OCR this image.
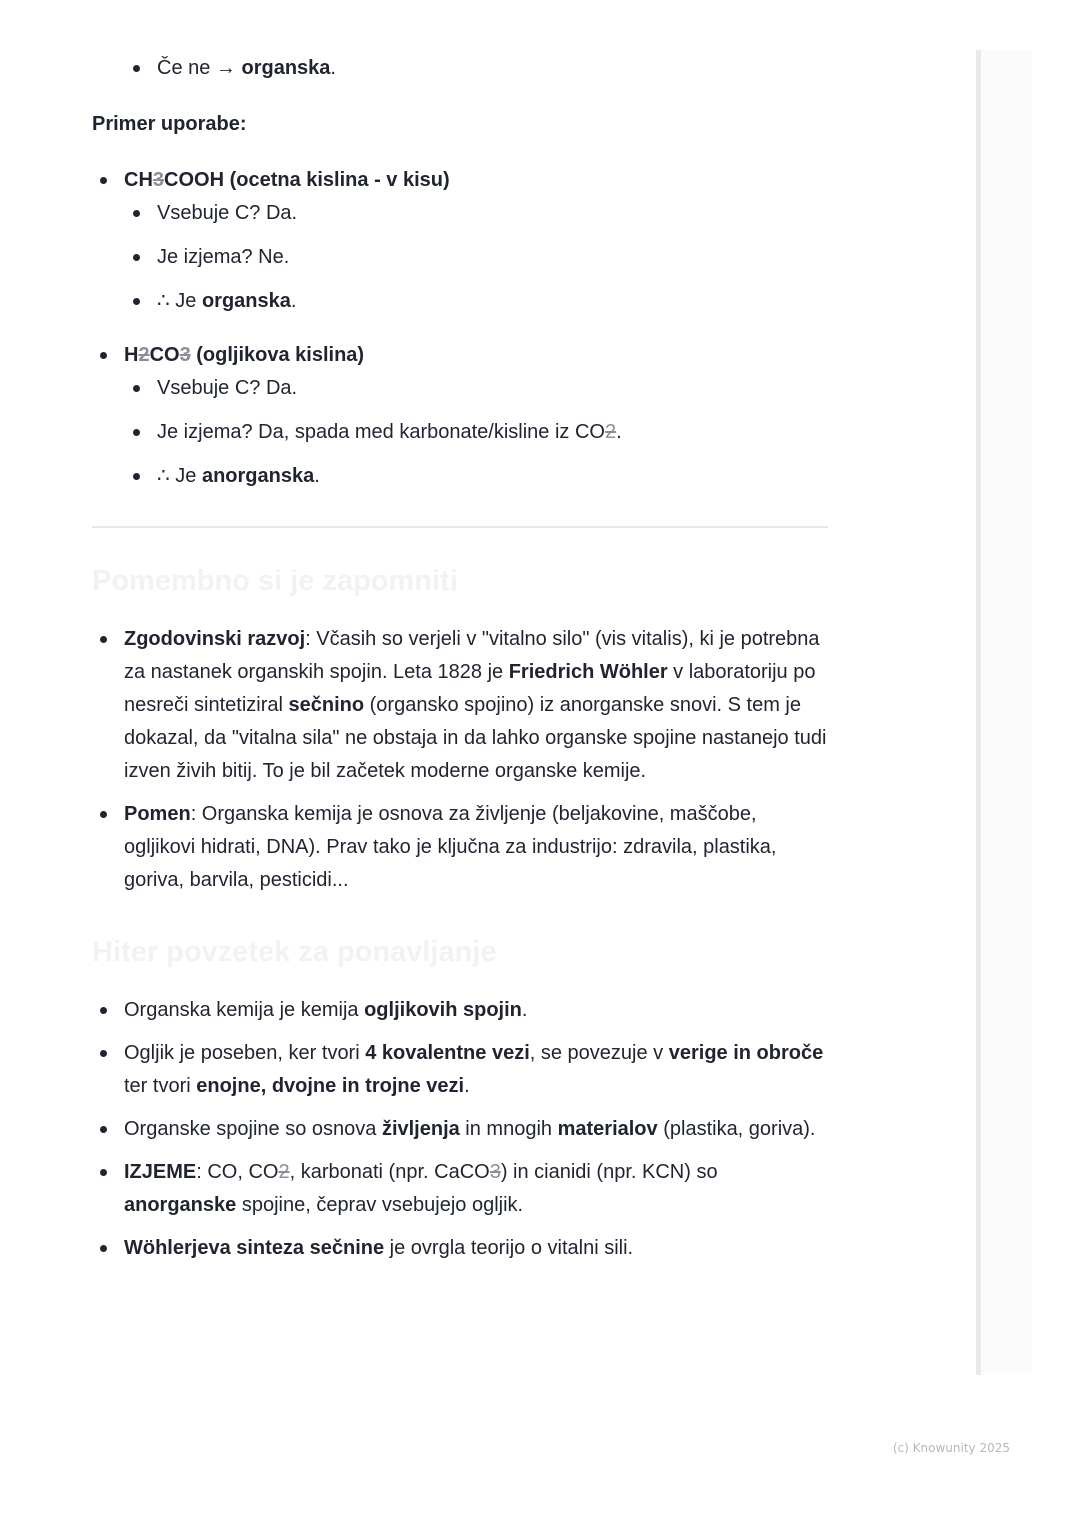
Če ne → organska.

Primer uporabe:

CH3COOH (ocetna kislina - v kisu)
Vsebuje C? Da.
Je izjema? Ne.
∴ Je organska.
H2CO3 (ogljikova kislina)
Vsebuje C? Da.
Je izjema? Da, spada med karbonate/kisline iz CO2.
∴ Je anorganska.
Pomembno si je zapomniti
Zgodovinski razvoj: Včasih so verjeli v "vitalno silo" (vis vitalis), ki je potrebna za nastanek organskih spojin. Leta 1828 je Friedrich Wöhler v laboratoriju po nesreči sintetiziral sečnino (organsko spojino) iz anorganske snovi. S tem je dokazal, da "vitalna sila" ne obstaja in da lahko organske spojine nastanejo tudi izven živih bitij. To je bil začetek moderne organske kemije.
Pomen: Organska kemija je osnova za življenje (beljakovine, maščobe, ogljikovi hidrati, DNA). Prav tako je ključna za industrijo: zdravila, plastika, goriva, barvila, pesticidi...
Hiter povzetek za ponavljanje
Organska kemija je kemija ogljikovih spojin.
Ogljik je poseben, ker tvori 4 kovalentne vezi, se povezuje v verige in obroče ter tvori enojne, dvojne in trojne vezi.
Organske spojine so osnova življenja in mnogih materialov (plastika, goriva).
IZJEME: CO, CO2, karbonati (npr. CaCO3) in cianidi (npr. KCN) so anorganske spojine, čeprav vsebujejo ogljik.
Wöhlerjeva sinteza sečnine je ovrgla teorijo o vitalni sili.
(c) Knowunity 2025
